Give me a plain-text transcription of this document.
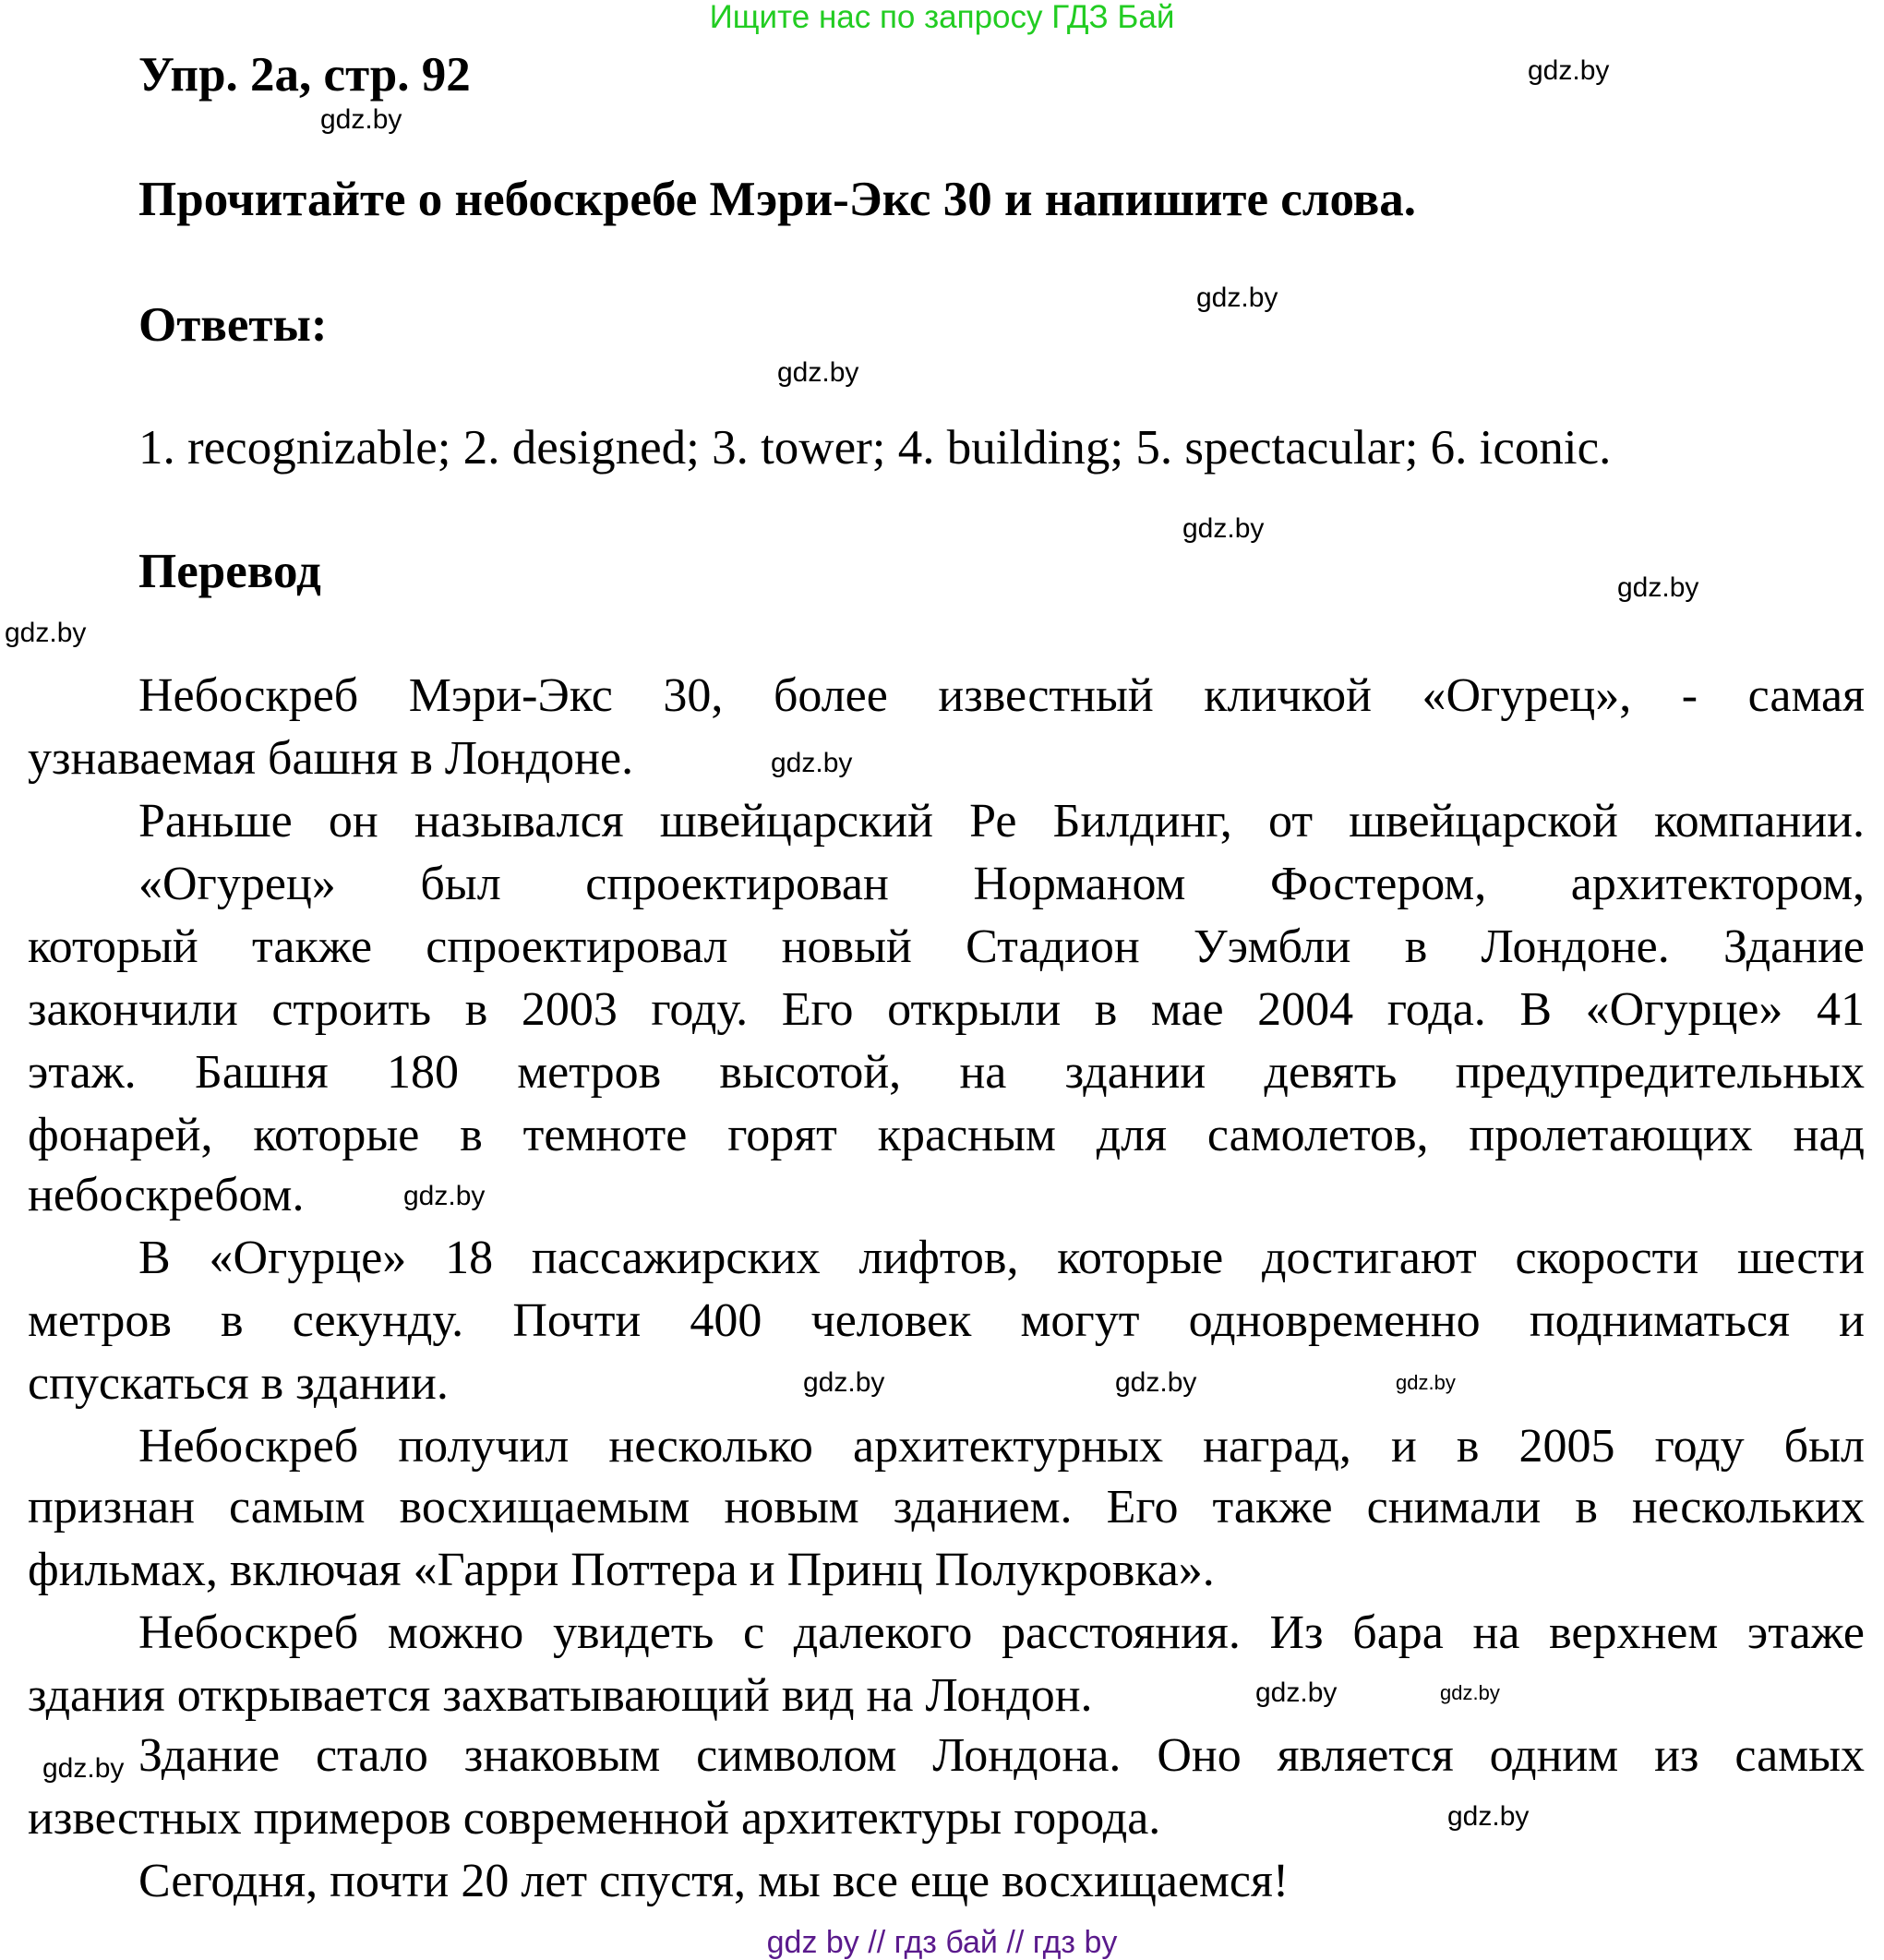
Ищите нас по запросу ГДЗ Бай
Упр. 2а, стр. 92
Прочитайте о небоскребе Мэри-Экс 30 и напишите слова.
Ответы:
1. recognizable; 2. designed; 3. tower; 4. building; 5. spectacular; 6. iconic.
Перевод
Небоскреб Мэри-Экс 30, более известный кличкой «Огурец», - самая
узнаваемая башня в Лондоне.
Раньше он назывался швейцарский Ре Билдинг, от швейцарской компании.
«Огурец» был спроектирован Норманом Фостером, архитектором,
который также спроектировал новый Стадион Уэмбли в Лондоне. Здание
закончили строить в 2003 году. Его открыли в мае 2004 года. В «Огурце» 41
этаж. Башня 180 метров высотой, на здании девять предупредительных
фонарей, которые в темноте горят красным для самолетов, пролетающих над
небоскребом.
В «Огурце» 18 пассажирских лифтов, которые достигают скорости шести
метров в секунду. Почти 400 человек могут одновременно подниматься и
спускаться в здании.
Небоскреб получил несколько архитектурных наград, и в 2005 году был
признан самым восхищаемым новым зданием. Его также снимали в нескольких
фильмах, включая «Гарри Поттера и Принц Полукровка».
Небоскреб можно увидеть с далекого расстояния. Из бара на верхнем этаже
здания открывается захватывающий вид на Лондон.
Здание стало знаковым символом Лондона. Оно является одним из самых
известных примеров современной архитектуры города.
Сегодня, почти 20 лет спустя, мы все еще восхищаемся!
gdz.by
gdz.by
gdz.by
gdz.by
gdz.by
gdz.by
gdz.by
gdz.by
gdz.by
gdz.by
gdz.by	gdz.by
gdz.by	gdz.by
gdz.by
gdz.by
gdz by // гдз бай // гдз by
